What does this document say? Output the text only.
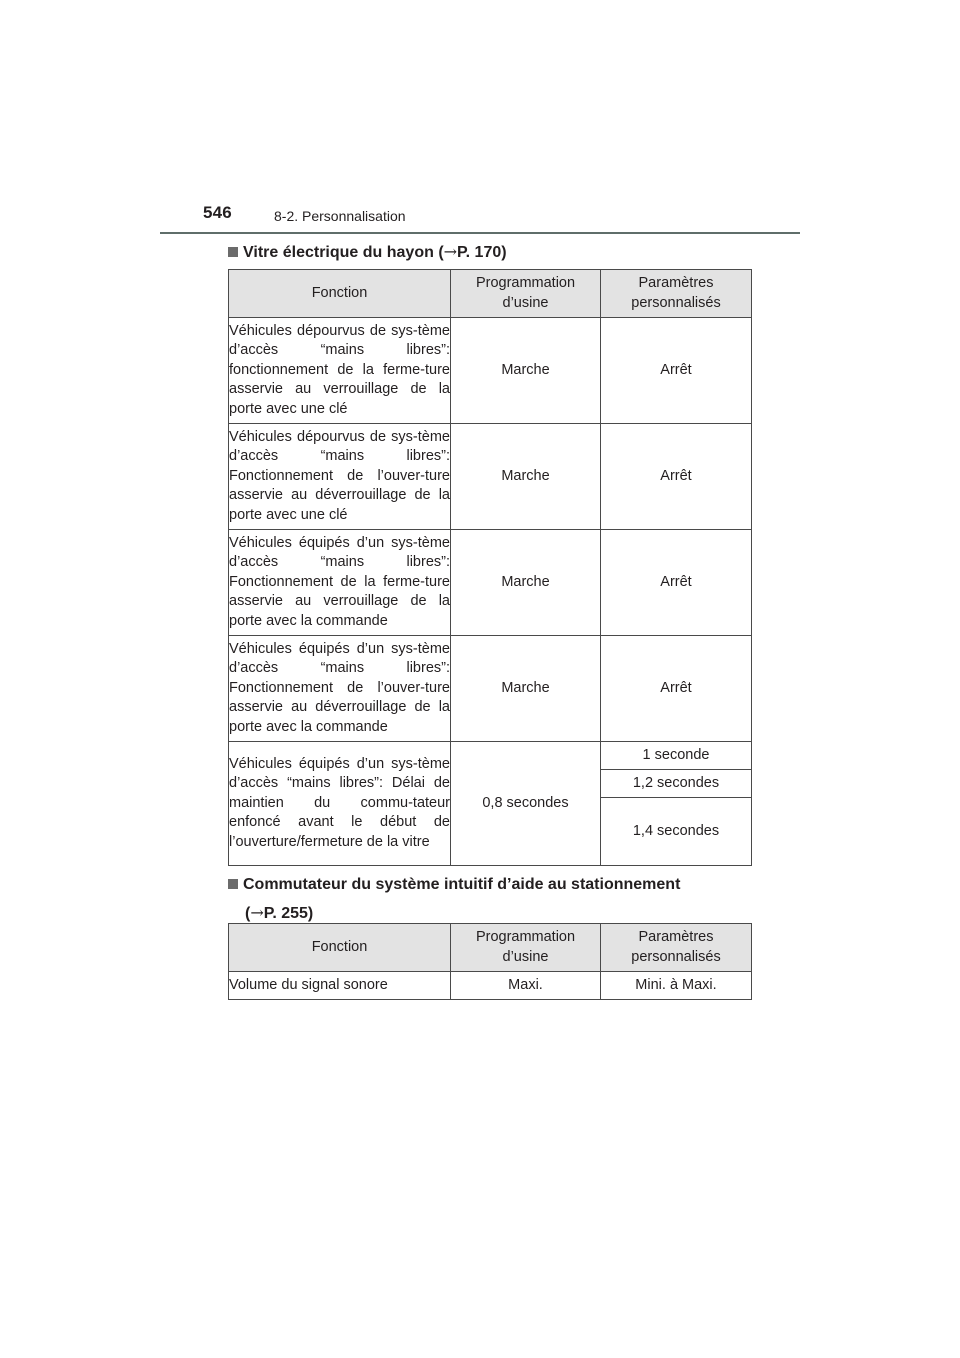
546	8-2. Personnalisation
Vitre électrique du hayon (→P. 170)
Fonction	Programmation d’usine	Paramètres personnalisés
Véhicules dépourvus de sys-tème d’accès “mains libres”: fonctionnement de la ferme-ture asservie au verrouillage de la porte avec une clé	Marche	Arrêt
Véhicules dépourvus de sys-tème d’accès “mains libres”: Fonctionnement de l’ouver-ture asservie au déverrouillage de la porte avec une clé	Marche	Arrêt
Véhicules équipés d’un sys-tème d’accès “mains libres”: Fonctionnement de la ferme-ture asservie au verrouillage de la porte avec la commande	Marche	Arrêt
Véhicules équipés d’un sys-tème d’accès “mains libres”: Fonctionnement de l’ouver-ture asservie au déverrouillage de la porte avec la commande	Marche	Arrêt
Véhicules équipés d’un sys-tème d’accès “mains libres”: Délai de maintien du commu-tateur enfoncé avant le début de l’ouverture/fermeture de la vitre	0,8 secondes	1 seconde
		1,2 secondes
		1,4 secondes
Commutateur du système intuitif d’aide au stationnement
(→P. 255)
Fonction	Programmation d’usine	Paramètres personnalisés
Volume du signal sonore	Maxi.	Mini. à Maxi.
